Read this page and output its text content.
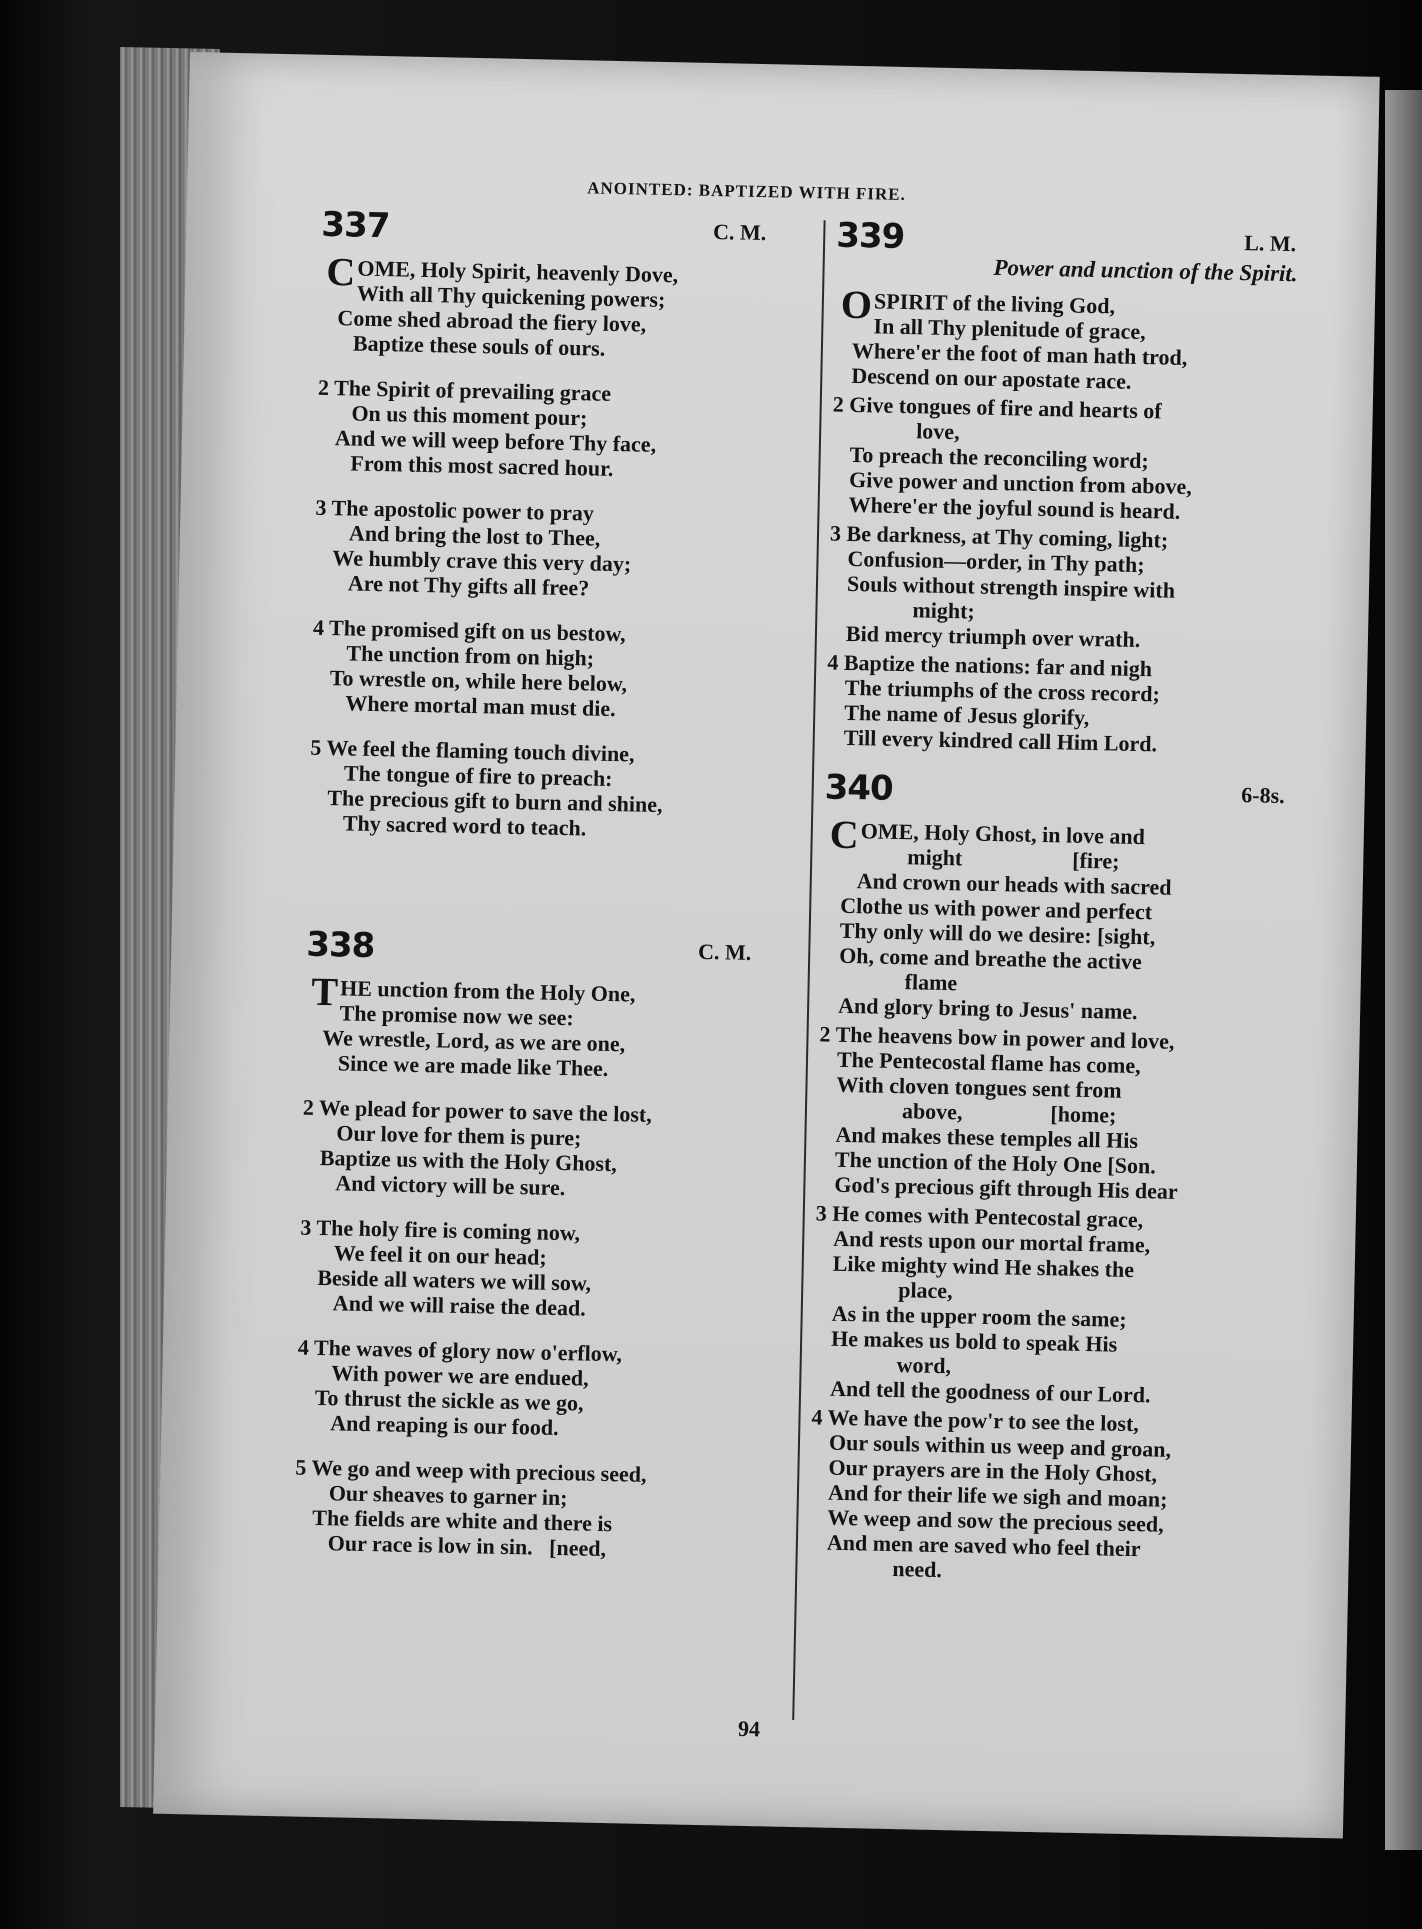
ANOINTED: BAPTIZED WITH FIRE.
337	C. M.
COME, Holy Spirit, heavenly Dove,
With all Thy quickening powers;
Come shed abroad the fiery love,
Baptize these souls of ours.
2 The Spirit of prevailing grace
On us this moment pour;
And we will weep before Thy face,
From this most sacred hour.
3 The apostolic power to pray
And bring the lost to Thee,
We humbly crave this very day;
Are not Thy gifts all free?
4 The promised gift on us bestow,
The unction from on high;
To wrestle on, while here below,
Where mortal man must die.
5 We feel the flaming touch divine,
The tongue of fire to preach:
The precious gift to burn and shine,
Thy sacred word to teach.
338	C. M.
THE unction from the Holy One,
The promise now we see:
We wrestle, Lord, as we are one,
Since we are made like Thee.
2 We plead for power to save the lost,
Our love for them is pure;
Baptize us with the Holy Ghost,
And victory will be sure.
3 The holy fire is coming now,
We feel it on our head;
Beside all waters we will sow,
And we will raise the dead.
4 The waves of glory now o'erflow,
With power we are endued,
To thrust the sickle as we go,
And reaping is our food.
5 We go and weep with precious seed,
Our sheaves to garner in;
The fields are white and there is
Our race is low in sin.   [need,
339	L. M.
Power and unction of the Spirit.
OSPIRIT of the living God,
In all Thy plenitude of grace,
Where'er the foot of man hath trod,
Descend on our apostate race.
2 Give tongues of fire and hearts of
love,
To preach the reconciling word;
Give power and unction from above,
Where'er the joyful sound is heard.
3 Be darkness, at Thy coming, light;
Confusion—order, in Thy path;
Souls without strength inspire with
might;
Bid mercy triumph over wrath.
4 Baptize the nations: far and nigh
The triumphs of the cross record;
The name of Jesus glorify,
Till every kindred call Him Lord.
340	6-8s.
COME, Holy Ghost, in love and
might                    [fire;
And crown our heads with sacred
Clothe us with power and perfect
Thy only will do we desire: [sight,
Oh, come and breathe the active
flame
And glory bring to Jesus' name.
2 The heavens bow in power and love,
The Pentecostal flame has come,
With cloven tongues sent from
above,                [home;
And makes these temples all His
The unction of the Holy One [Son.
God's precious gift through His dear
3 He comes with Pentecostal grace,
And rests upon our mortal frame,
Like mighty wind He shakes the
place,
As in the upper room the same;
He makes us bold to speak His
word,
And tell the goodness of our Lord.
4 We have the pow'r to see the lost,
Our souls within us weep and groan,
Our prayers are in the Holy Ghost,
And for their life we sigh and moan;
We weep and sow the precious seed,
And men are saved who feel their
need.
94
